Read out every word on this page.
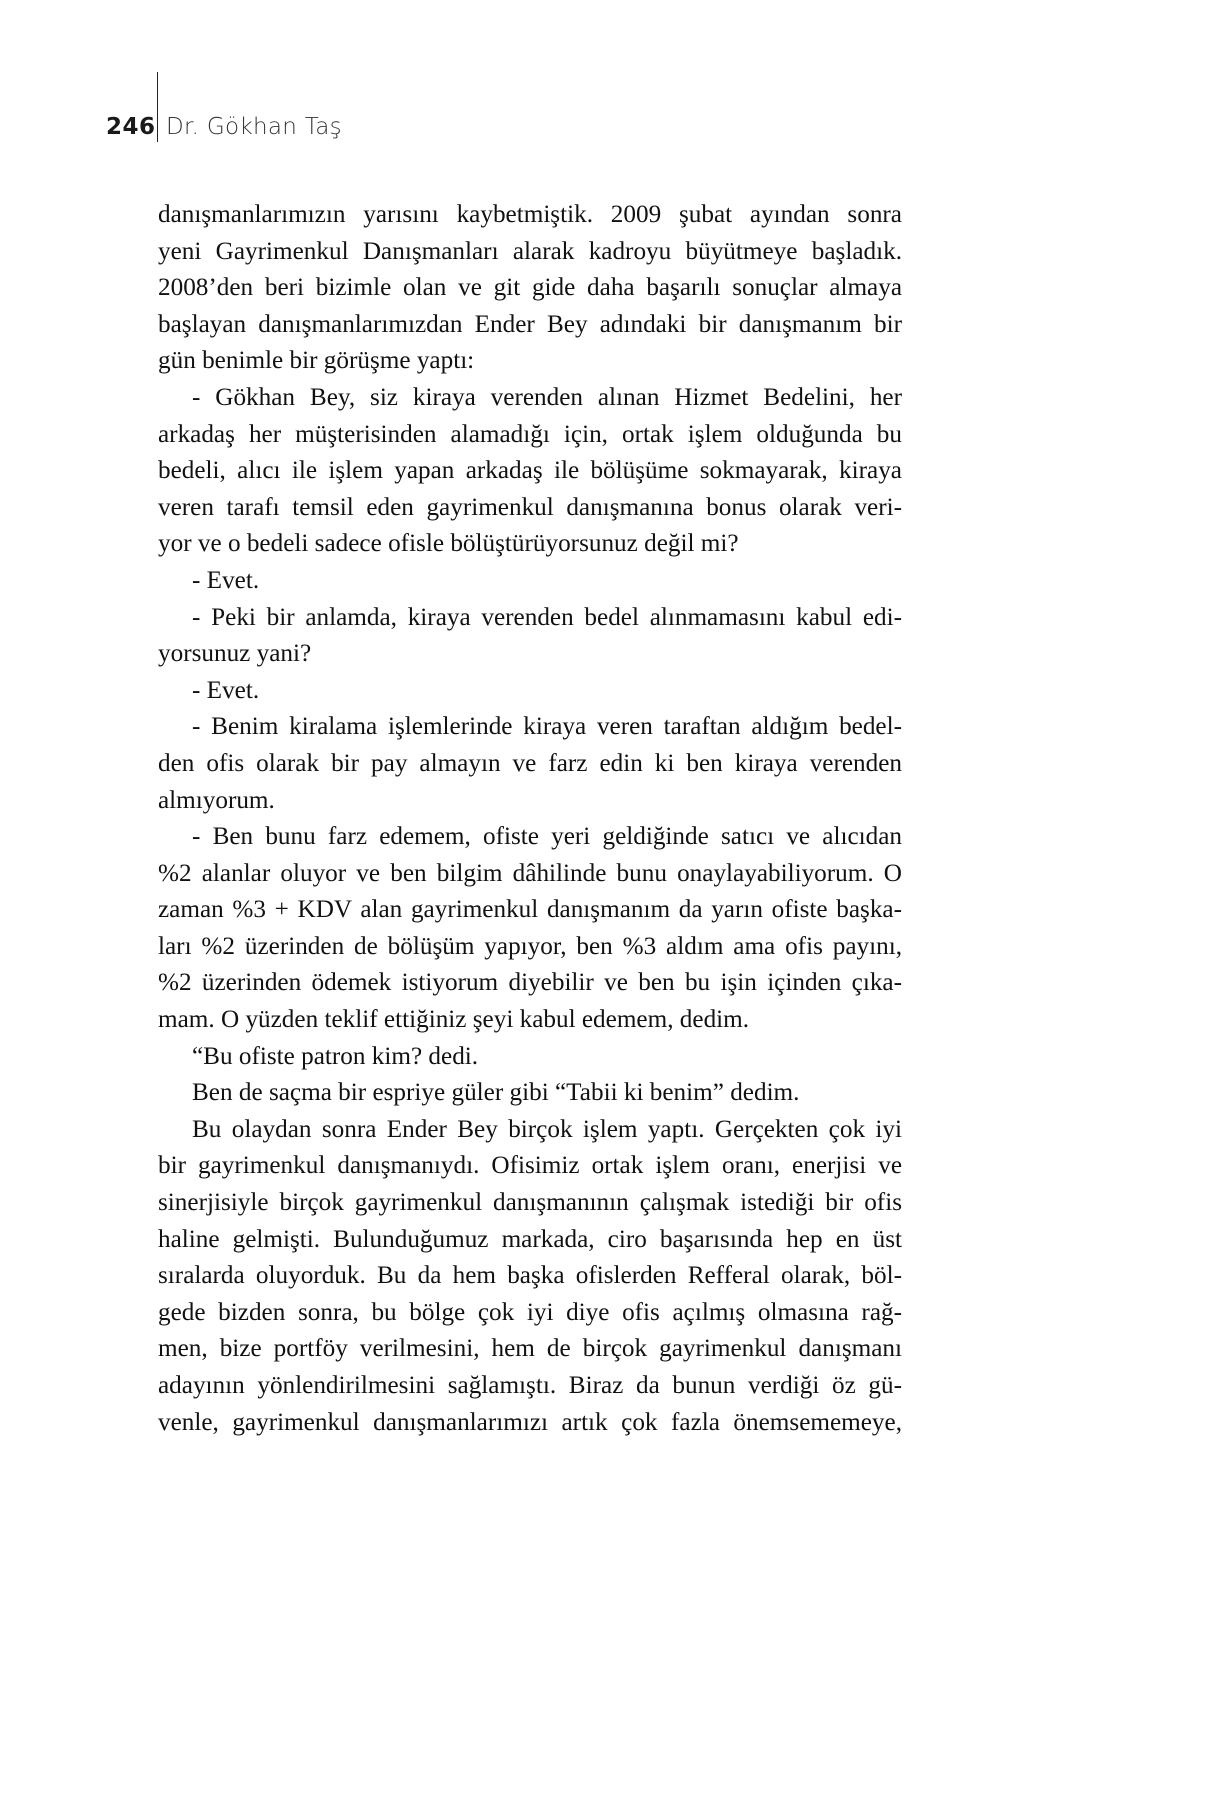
246 Dr. Gökhan Taş
danışmanlarımızın yarısını kaybetmiştik. 2009 şubat ayından sonra
yeni Gayrimenkul Danışmanları alarak kadroyu büyütmeye başladık.
2008’den beri bizimle olan ve git gide daha başarılı sonuçlar almaya
başlayan danışmanlarımızdan Ender Bey adındaki bir danışmanım bir
gün benimle bir görüşme yaptı:
- Gökhan Bey, siz kiraya verenden alınan Hizmet Bedelini, her
arkadaş her müşterisinden alamadığı için, ortak işlem olduğunda bu
bedeli, alıcı ile işlem yapan arkadaş ile bölüşüme sokmayarak, kiraya
veren tarafı temsil eden gayrimenkul danışmanına bonus olarak veri-
yor ve o bedeli sadece ofisle bölüştürüyorsunuz değil mi?
- Evet.
- Peki bir anlamda, kiraya verenden bedel alınmamasını kabul edi-
yorsunuz yani?
- Evet.
- Benim kiralama işlemlerinde kiraya veren taraftan aldığım bedel-
den ofis olarak bir pay almayın ve farz edin ki ben kiraya verenden
almıyorum.
- Ben bunu farz edemem, ofiste yeri geldiğinde satıcı ve alıcıdan
%2 alanlar oluyor ve ben bilgim dâhilinde bunu onaylayabiliyorum. O
zaman %3 + KDV alan gayrimenkul danışmanım da yarın ofiste başka-
ları %2 üzerinden de bölüşüm yapıyor, ben %3 aldım ama ofis payını,
%2 üzerinden ödemek istiyorum diyebilir ve ben bu işin içinden çıka-
mam. O yüzden teklif ettiğiniz şeyi kabul edemem, dedim.
“Bu ofiste patron kim? dedi.
Ben de saçma bir espriye güler gibi “Tabii ki benim” dedim.
Bu olaydan sonra Ender Bey birçok işlem yaptı. Gerçekten çok iyi
bir gayrimenkul danışmanıydı. Ofisimiz ortak işlem oranı, enerjisi ve
sinerjisiyle birçok gayrimenkul danışmanının çalışmak istediği bir ofis
haline gelmişti. Bulunduğumuz markada, ciro başarısında hep en üst
sıralarda oluyorduk. Bu da hem başka ofislerden Refferal olarak, böl-
gede bizden sonra, bu bölge çok iyi diye ofis açılmış olmasına rağ-
men, bize portföy verilmesini, hem de birçok gayrimenkul danışmanı
adayının yönlendirilmesini sağlamıştı. Biraz da bunun verdiği öz gü-
venle, gayrimenkul danışmanlarımızı artık çok fazla önemsememeye,
